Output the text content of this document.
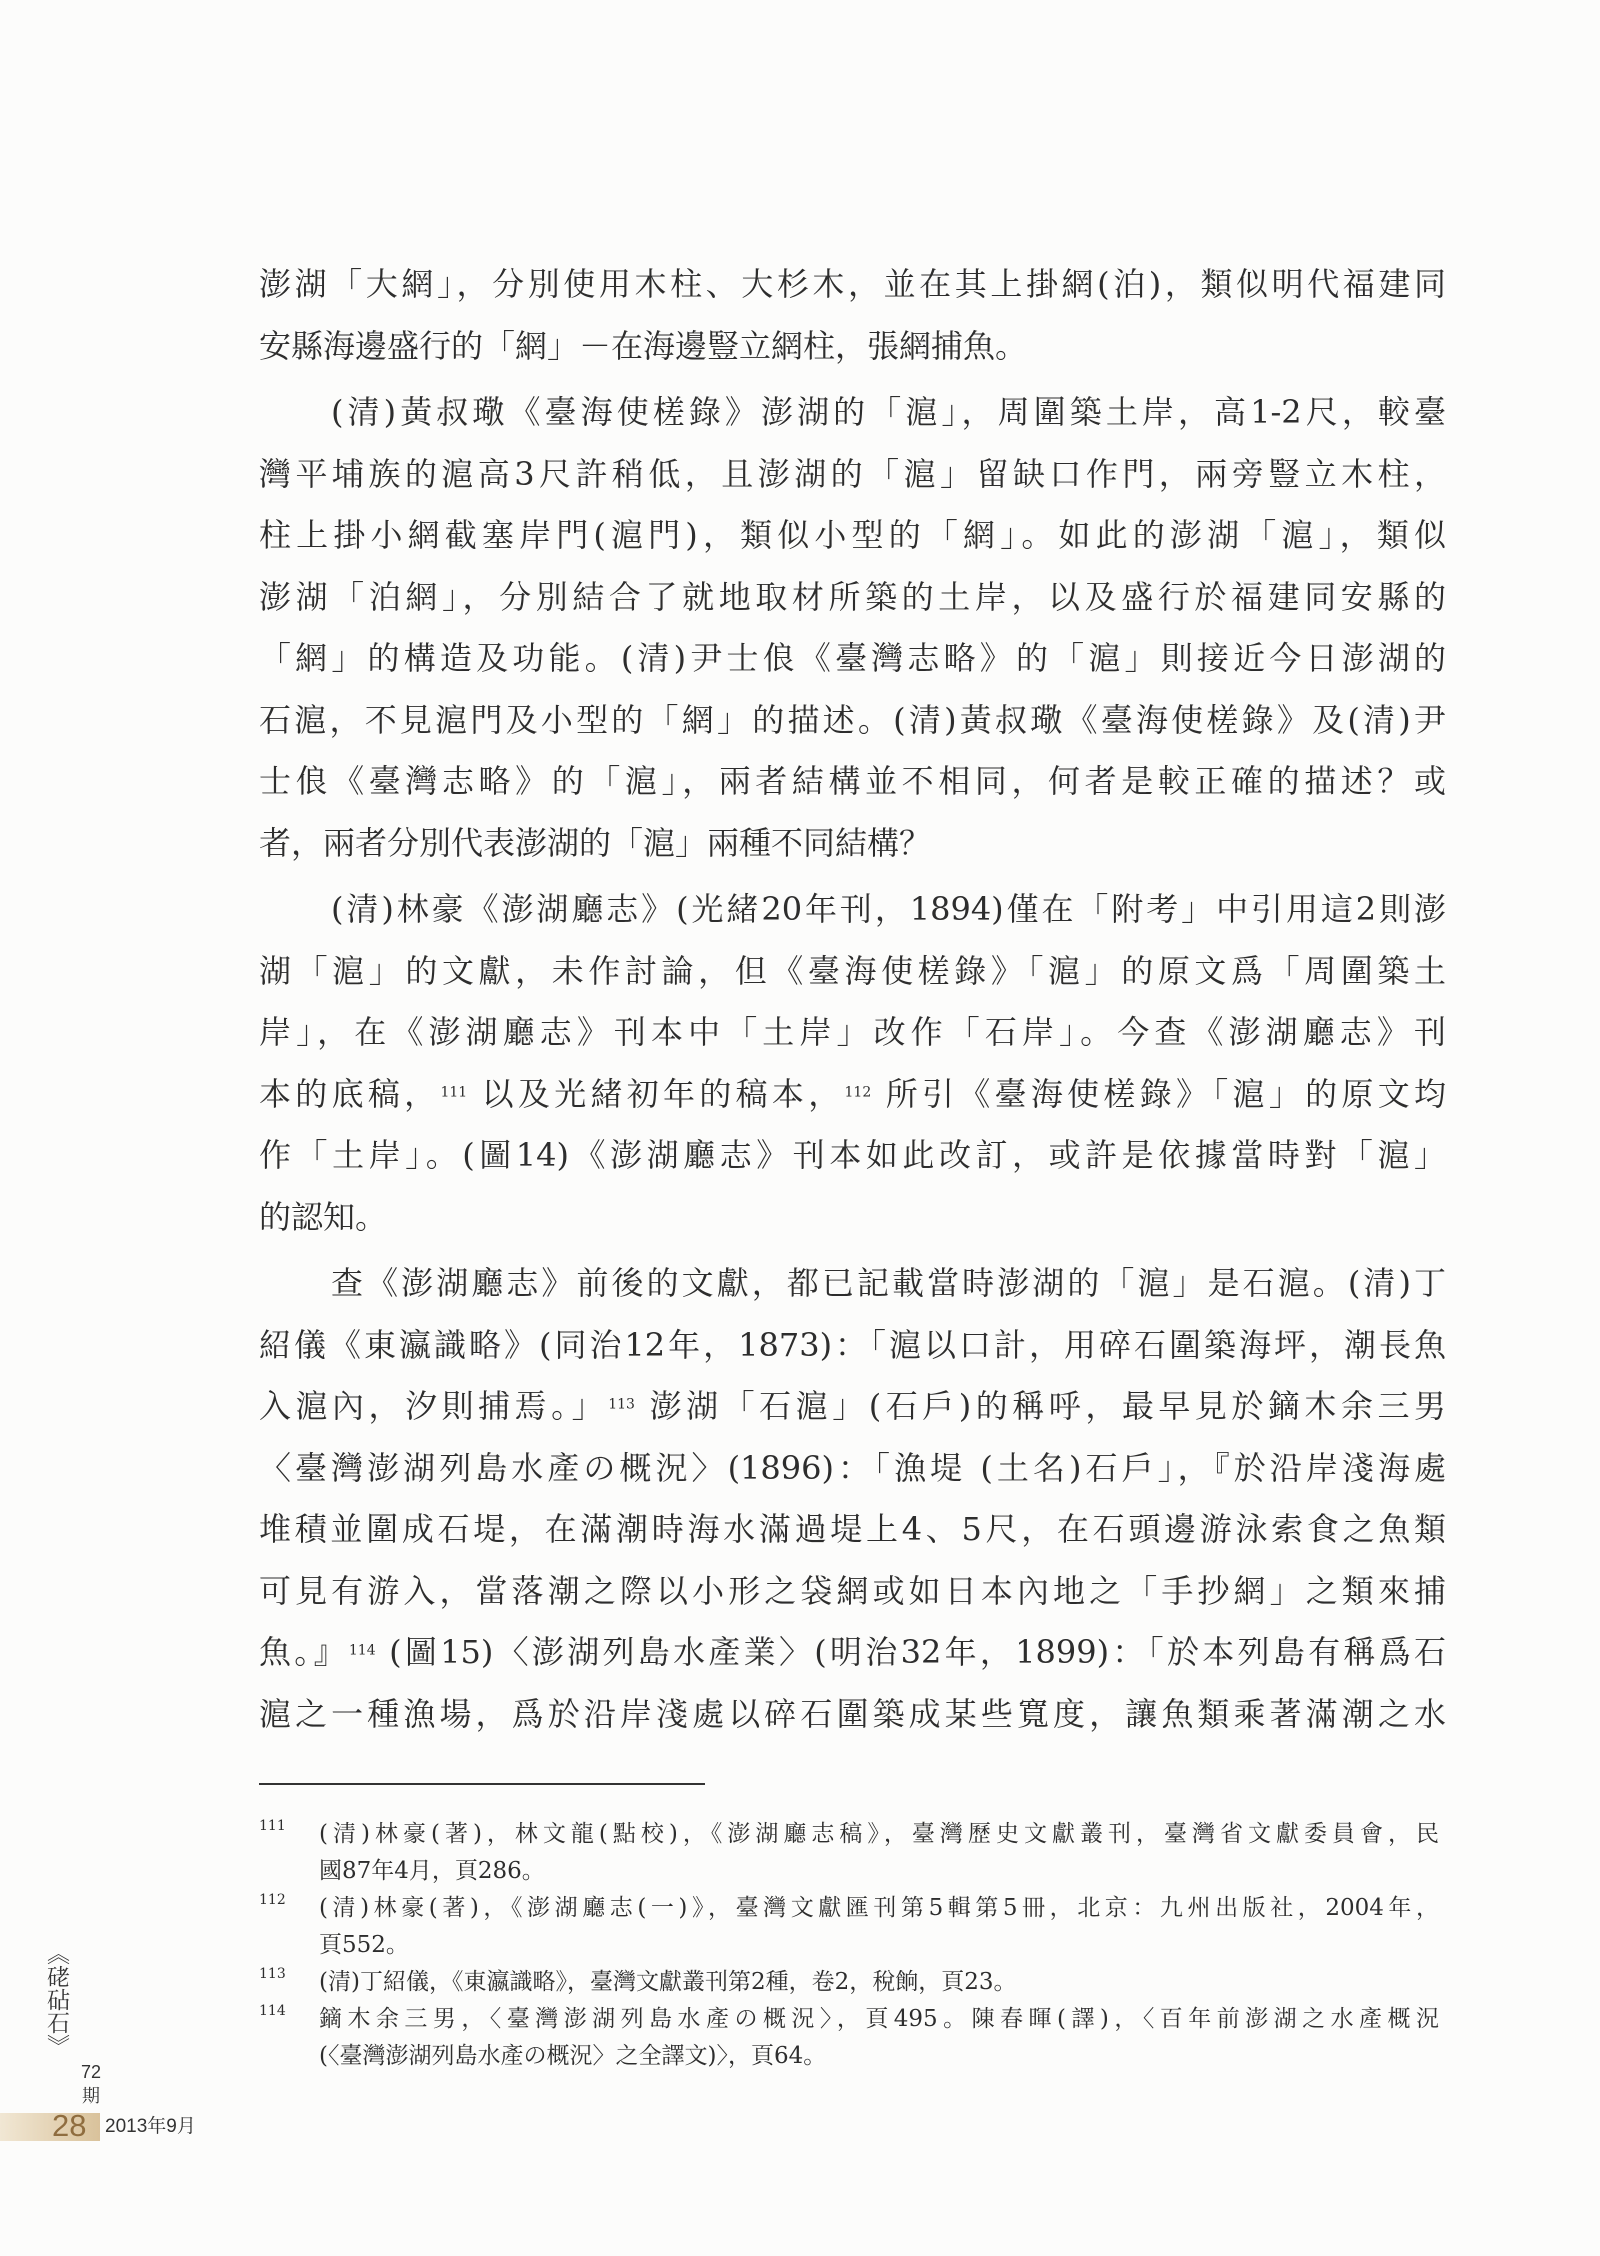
澎湖「大網」，分別使用木柱、大杉木，並在其上掛網(泊)，類似明代福建同
安縣海邊盛行的「網」－在海邊豎立網柱，張網捕魚。
(清)黃叔璥《臺海使槎錄》澎湖的「滬」，周圍築土岸，高1-2尺，較臺
灣平埔族的滬高3尺許稍低，且澎湖的「滬」留缺口作門，兩旁豎立木柱，
柱上掛小網截塞岸門(滬門)，類似小型的「網」。如此的澎湖「滬」，類似
澎湖「泊網」，分別結合了就地取材所築的土岸，以及盛行於福建同安縣的
「網」的構造及功能。(清)尹士俍《臺灣志略》的「滬」則接近今日澎湖的
石滬，不見滬門及小型的「網」的描述。(清)黃叔璥《臺海使槎錄》及(清)尹
士俍《臺灣志略》的「滬」，兩者結構並不相同，何者是較正確的描述？或
者，兩者分別代表澎湖的「滬」兩種不同結構？
(清)林豪《澎湖廳志》(光緒20年刊，1894)僅在「附考」中引用這2則澎
湖「滬」的文獻，未作討論，但《臺海使槎錄》「滬」的原文爲「周圍築土
岸」，在《澎湖廳志》刊本中「土岸」改作「石岸」。今查《澎湖廳志》刊
本的底稿，$^{111}$ 以及光緒初年的稿本，$^{112}$ 所引《臺海使槎錄》「滬」的原文均
作「土岸」。(圖14)《澎湖廳志》刊本如此改訂，或許是依據當時對「滬」
的認知。
查《澎湖廳志》前後的文獻，都已記載當時澎湖的「滬」是石滬。(清)丁
紹儀《東瀛識略》(同治12年，1873)：「滬以口計，用碎石圍築海坪，潮長魚
入滬內，汐則捕焉。」$^{113}$ 澎湖「石滬」(石戶)的稱呼，最早見於鏑木余三男
〈臺灣澎湖列島水產の概況〉(1896)：「漁堤 (土名)石戶」，『於沿岸淺海處
堆積並圍成石堤，在滿潮時海水滿過堤上4、5尺，在石頭邊游泳索食之魚類
可見有游入，當落潮之際以小形之袋網或如日本內地之「手抄網」之類來捕
魚。』$^{114}$ (圖15)〈澎湖列島水產業〉(明治32年，1899)：「於本列島有稱爲石
滬之一種漁場，爲於沿岸淺處以碎石圍築成某些寬度，讓魚類乘著滿潮之水
111 (清)林豪(著)，林文龍(點校)，《澎湖廳志稿》，臺灣歷史文獻叢刊，臺灣省文獻委員會，民
國87年4月，頁286。
112 (清)林豪(著)，《澎湖廳志(一)》，臺灣文獻匯刊第5輯第5冊，北京：九州出版社，2004年，
頁552。
113 (清)丁紹儀，《東瀛識略》，臺灣文獻叢刊第2種，卷2，稅餉，頁23。
114 鏑木余三男，〈臺灣澎湖列島水產の概況〉，頁495。陳春暉(譯)，〈百年前澎湖之水產概況
(〈臺灣澎湖列島水產の概況〉之全譯文)〉，頁64。
《硓砧石》
72期
28 2013年9月
